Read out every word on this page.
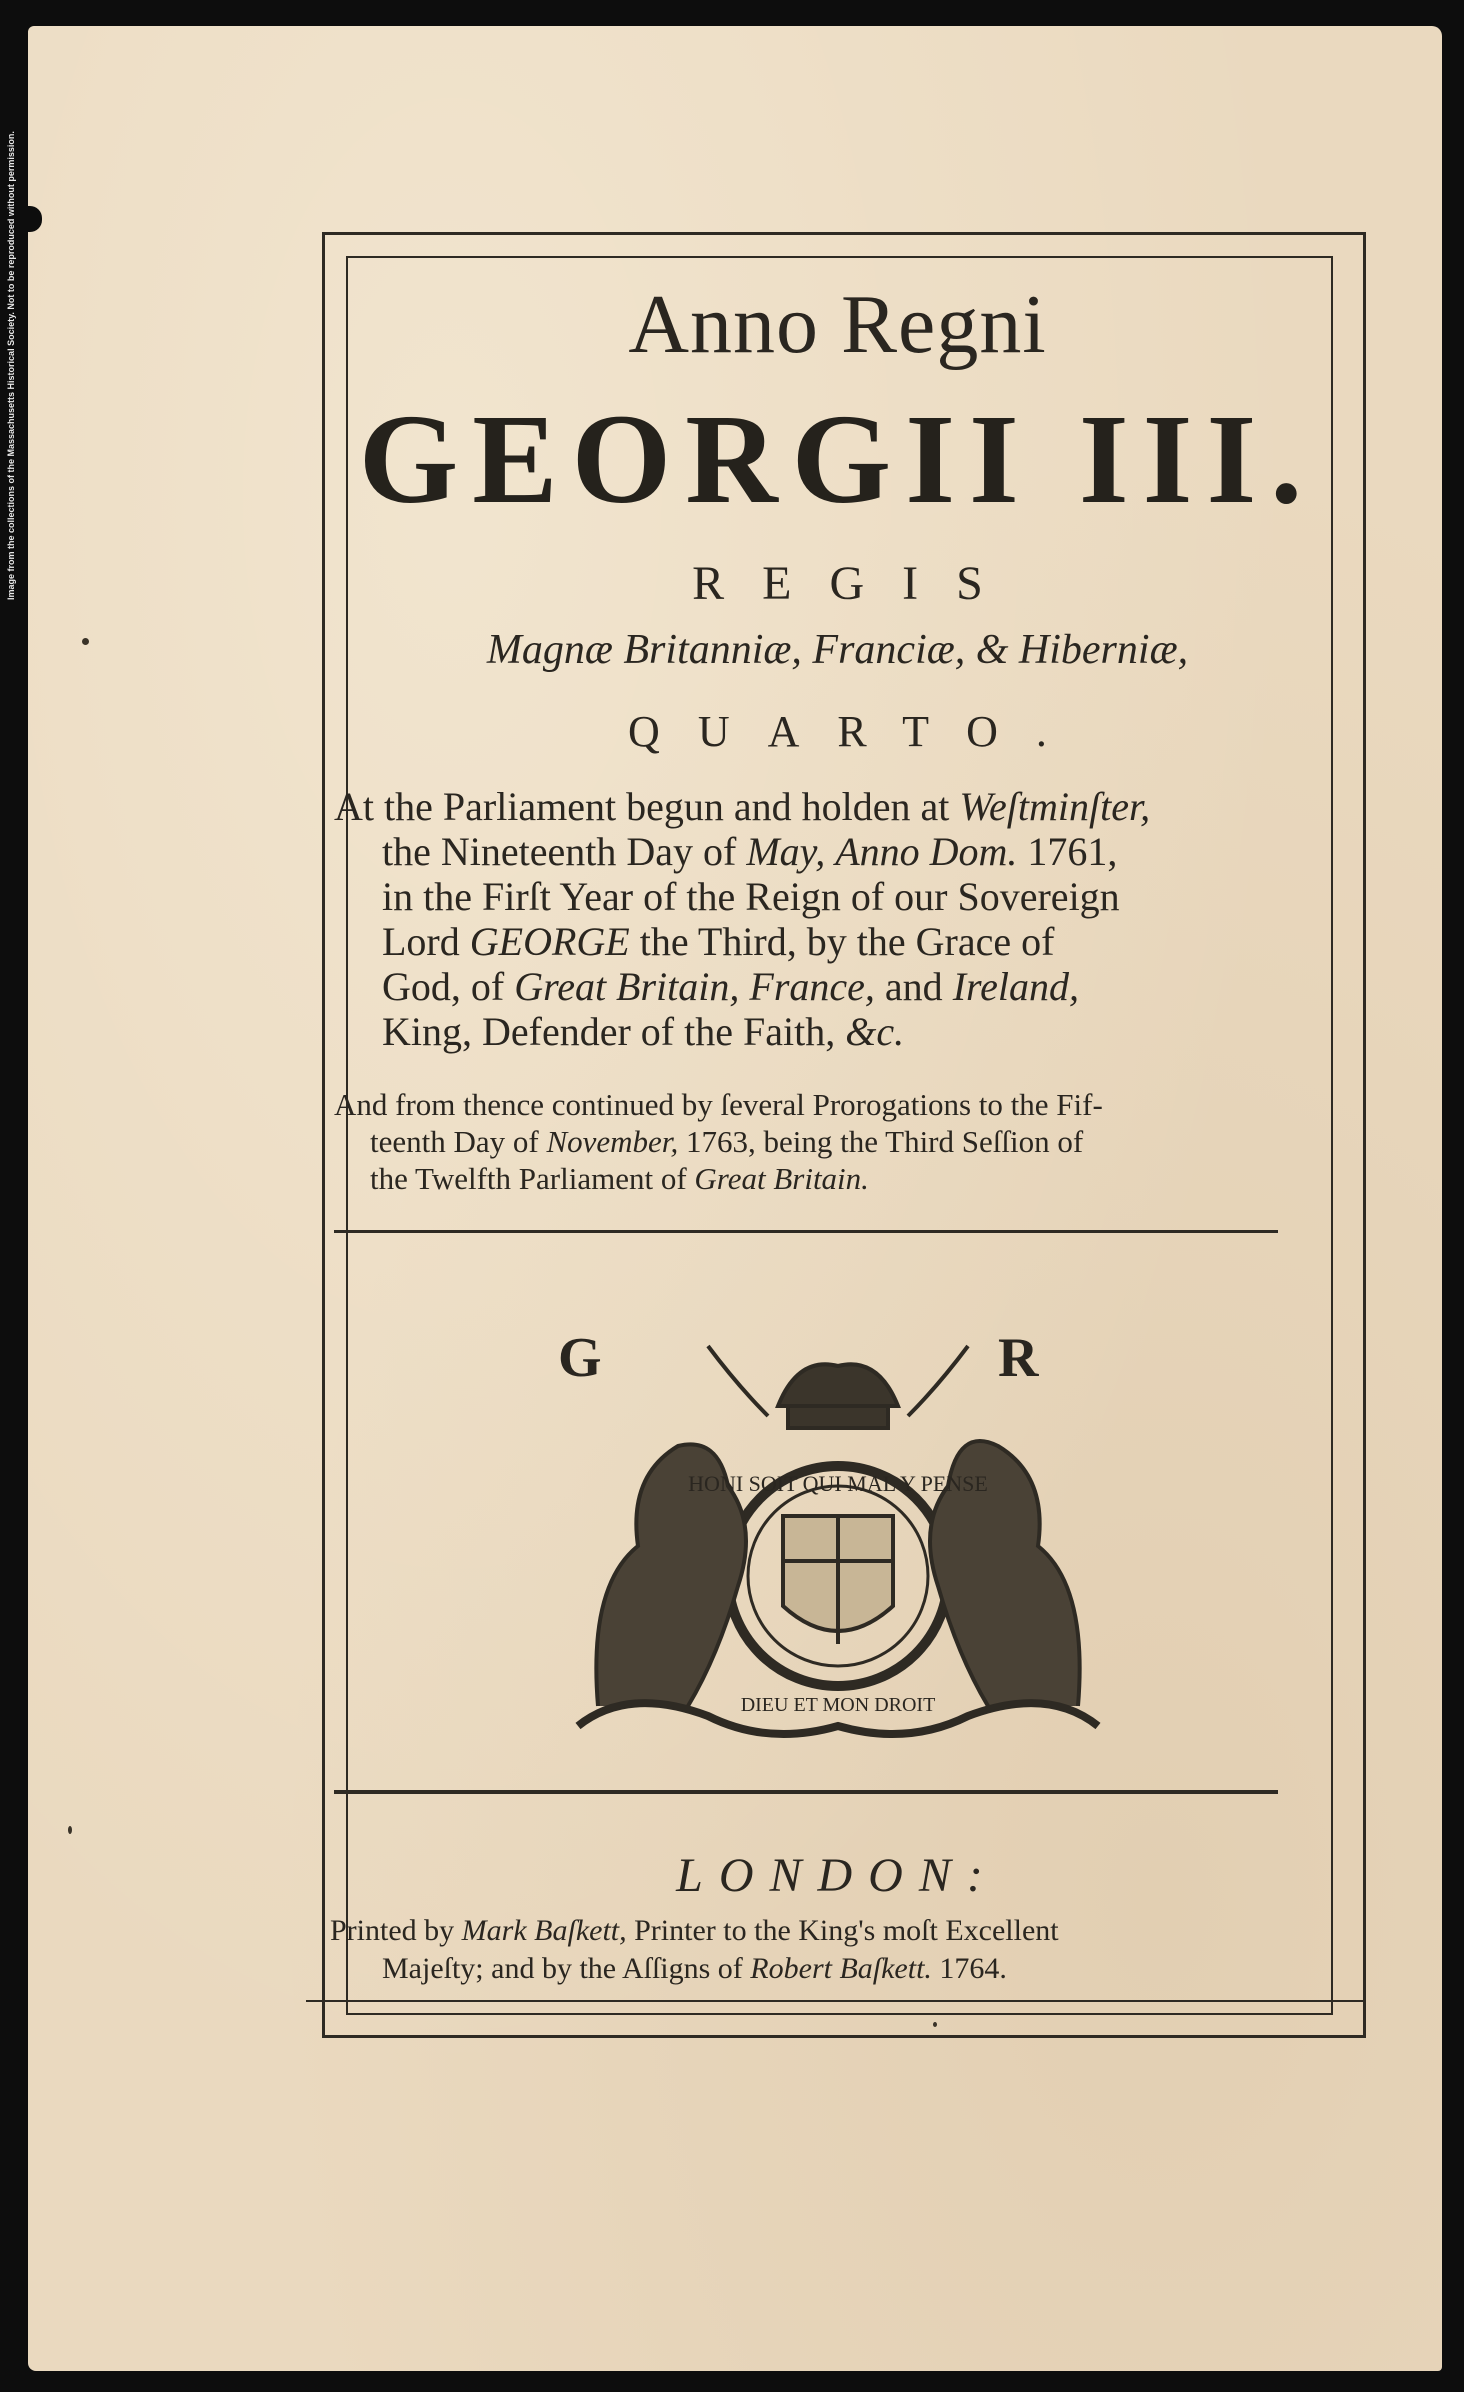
Image from the collections of the Massachusetts Historical Society. Not to be reproduced without permission.	Anno Regni
GEORGII III.
REGIS
Magnæ Britanniæ, Franciæ, & Hiberniæ,
QUARTO.
At the Parliament begun and holden at Weſtminſter,
the Nineteenth Day of May, Anno Dom. 1761,
in the Firſt Year of the Reign of our Sovereign
Lord GEORGE the Third, by the Grace of
God, of Great Britain, France, and Ireland,
King, Defender of the Faith, &c.
And from thence continued by ſeveral Prorogations to the Fif-
teenth Day of November, 1763, being the Third Seſſion of
the Twelfth Parliament of Great Britain.
G	R
HONI SOIT QUI MAL Y PENSE
DIEU ET MON DROIT
LONDON:
Printed by Mark Baſkett, Printer to the King's moſt Excellent
Majeſty; and by the Aſſigns of Robert Baſkett. 1764.
